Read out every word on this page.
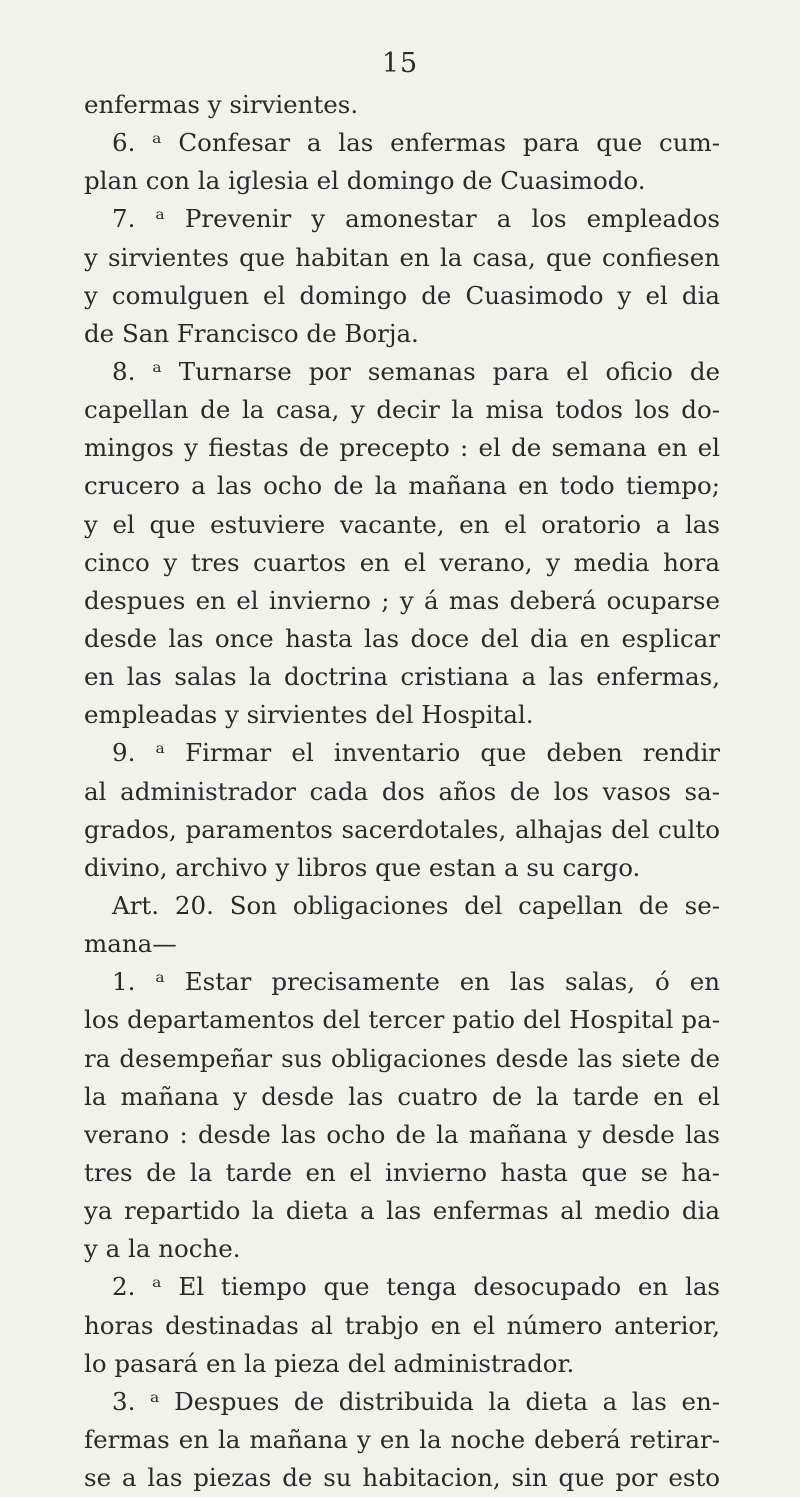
15
enfermas y sirvientes.
6. ᵃ Confesar a las enfermas para que cum-
plan con la iglesia el domingo de Cuasimodo.
7. ᵃ Prevenir y amonestar a los empleados
y sirvientes que habitan en la casa, que confiesen
y comulguen el domingo de Cuasimodo y el dia
de San Francisco de Borja.
8. ᵃ Turnarse por semanas para el oficio de
capellan de la casa, y decir la misa todos los do-
mingos y fiestas de precepto : el de semana en el
crucero a las ocho de la mañana en todo tiempo;
y el que estuviere vacante, en el oratorio a las
cinco y tres cuartos en el verano, y media hora
despues en el invierno ; y á mas deberá ocuparse
desde las once hasta las doce del dia en esplicar
en las salas la doctrina cristiana a las enfermas,
empleadas y sirvientes del Hospital.
9. ᵃ Firmar el inventario que deben rendir
al administrador cada dos años de los vasos sa-
grados, paramentos sacerdotales, alhajas del culto
divino, archivo y libros que estan a su cargo.
Art. 20. Son obligaciones del capellan de se-
mana—
1. ᵃ Estar precisamente en las salas, ó en
los departamentos del tercer patio del Hospital pa-
ra desempeñar sus obligaciones desde las siete de
la mañana y desde las cuatro de la tarde en el
verano : desde las ocho de la mañana y desde las
tres de la tarde en el invierno hasta que se ha-
ya repartido la dieta a las enfermas al medio dia
y a la noche.
2. ᵃ El tiempo que tenga desocupado en las
horas destinadas al trabjo en el número anterior,
lo pasará en la pieza del administrador.
3. ᵃ Despues de distribuida la dieta a las en-
fermas en la mañana y en la noche deberá retirar-
se a las piezas de su habitacion, sin que por esto
